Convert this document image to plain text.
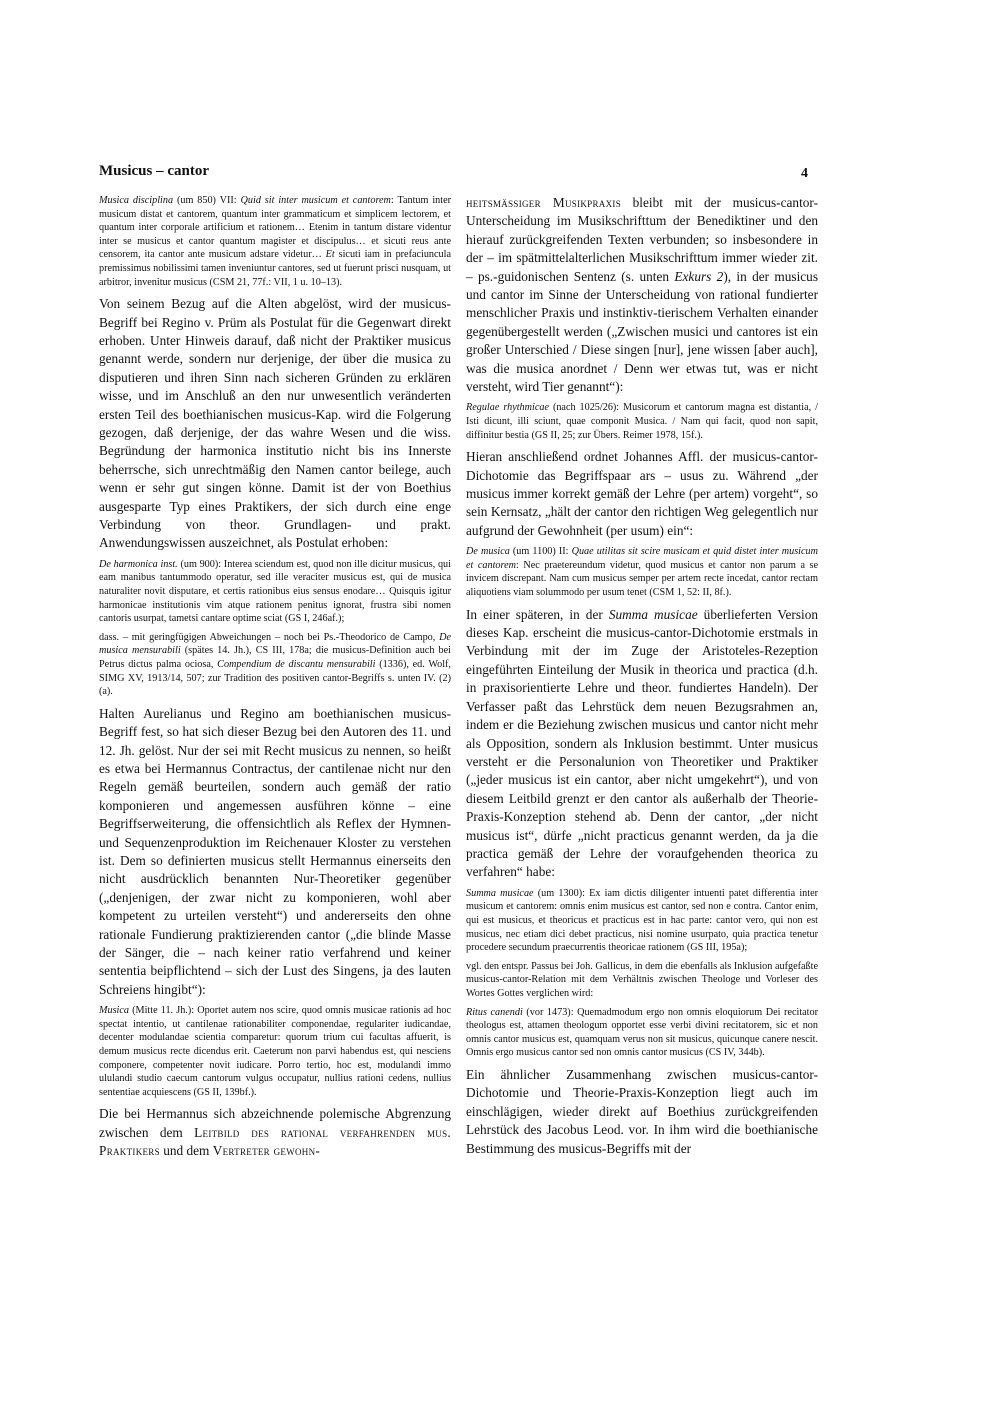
Musicus – cantor	4

Musica disciplina (um 850) VII: Quid sit inter musicum et cantorem: Tantum inter musicum distat et cantorem, quantum inter grammaticum et simplicem lectorem, et quantum inter corporale artificium et rationem… Etenim in tantum distare videntur inter se musicus et cantor quantum magister et discipulus… et sicuti reus ante censorem, ita cantor ante musicum adstare videtur… Et sicuti iam in prefaciuncula premissimus nobilissimi tamen inveniuntur cantores, sed ut fuerunt prisci nusquam, ut arbitror, invenitur musicus (CSM 21, 77f.: VII, 1 u. 10–13).

Von seinem Bezug auf die Alten abgelöst, wird der musicus-Begriff bei Regino v. Prüm als Postulat für die Gegenwart direkt erhoben. Unter Hinweis darauf, daß nicht der Praktiker musicus genannt werde, sondern nur derjenige, der über die musica zu disputieren und ihren Sinn nach sicheren Gründen zu erklären wisse, und im Anschluß an den nur unwesentlich veränderten ersten Teil des boethianischen musicus-Kap. wird die Folgerung gezogen, daß derjenige, der das wahre Wesen und die wiss. Begründung der harmonica institutio nicht bis ins Innerste beherrsche, sich unrechtmäßig den Namen cantor beilege, auch wenn er sehr gut singen könne. Damit ist der von Boethius ausgesparte Typ eines Praktikers, der sich durch eine enge Verbindung von theor. Grundlagen- und prakt. Anwendungswissen auszeichnet, als Postulat erhoben:

De harmonica inst. (um 900): Interea sciendum est, quod non ille dicitur musicus, qui eam manibus tantummodo operatur, sed ille veraciter musicus est, qui de musica naturaliter novit disputare, et certis rationibus eius sensus enodare… Quisquis igitur harmonicae institutionis vim atque rationem penitus ignorat, frustra sibi nomen cantoris usurpat, tametsi cantare optime sciat (GS I, 246af.);

dass. – mit geringfügigen Abweichungen – noch bei Ps.-Theodorico de Campo, De musica mensurabili (spätes 14. Jh.), CS III, 178a; die musicus-Definition auch bei Petrus dictus palma ociosa, Compendium de discantu mensurabili (1336), ed. Wolf, SIMG XV, 1913/14, 507; zur Tradition des positiven cantor-Begriffs s. unten IV. (2) (a).

Halten Aurelianus und Regino am boethianischen musicus-Begriff fest, so hat sich dieser Bezug bei den Autoren des 11. und 12. Jh. gelöst. Nur der sei mit Recht musicus zu nennen, so heißt es etwa bei Hermannus Contractus, der cantilenae nicht nur den Regeln gemäß beurteilen, sondern auch gemäß der ratio komponieren und angemessen ausführen könne – eine Begriffserweiterung, die offensichtlich als Reflex der Hymnen- und Sequenzenproduktion im Reichenauer Kloster zu verstehen ist. Dem so definierten musicus stellt Hermannus einerseits den nicht ausdrücklich benannten Nur-Theoretiker gegenüber („denjenigen, der zwar nicht zu komponieren, wohl aber kompetent zu urteilen versteht“) und andererseits den ohne rationale Fundierung praktizierenden cantor („die blinde Masse der Sänger, die – nach keiner ratio verfahrend und keiner sententia beipflichtend – sich der Lust des Singens, ja des lauten Schreiens hingibt“):

Musica (Mitte 11. Jh.): Oportet autem nos scire, quod omnis musicae rationis ad hoc spectat intentio, ut cantilenae rationabiliter componendae, regulariter iudicandae, decenter modulandae scientia comparetur: quorum trium cui facultas affuerit, is demum musicus recte dicendus erit. Caeterum non parvi habendus est, qui nesciens componere, competenter novit iudicare. Porro tertio, hoc est, modulandi immo ululandi studio caecum cantorum vulgus occupatur, nullius rationi cedens, nullius sententiae acquiescens (GS II, 139bf.).

Die bei Hermannus sich abzeichnende polemische Abgrenzung zwischen dem Leitbild des rational verfahrenden mus. Praktikers und dem Vertreter gewohn-

heitsmässiger Musikpraxis bleibt mit der musicus-cantor-Unterscheidung im Musikschrifttum der Benediktiner und den hierauf zurückgreifenden Texten verbunden; so insbesondere in der – im spätmittelalterlichen Musikschrifttum immer wieder zit. – ps.-guidonischen Sentenz (s. unten Exkurs 2), in der musicus und cantor im Sinne der Unterscheidung von rational fundierter menschlicher Praxis und instinktiv-tierischem Verhalten einander gegenübergestellt werden („Zwischen musici und cantores ist ein großer Unterschied / Diese singen [nur], jene wissen [aber auch], was die musica anordnet / Denn wer etwas tut, was er nicht versteht, wird Tier genannt“):

Regulae rhythmicae (nach 1025/26): Musicorum et cantorum magna est distantia, / Isti dicunt, illi sciunt, quae componit Musica. / Nam qui facit, quod non sapit, diffinitur bestia (GS II, 25; zur Übers. Reimer 1978, 15f.).

Hieran anschließend ordnet Johannes Affl. der musicus-cantor-Dichotomie das Begriffspaar ars – usus zu. Während „der musicus immer korrekt gemäß der Lehre (per artem) vorgeht“, so sein Kernsatz, „hält der cantor den richtigen Weg gelegentlich nur aufgrund der Gewohnheit (per usum) ein“:

De musica (um 1100) II: Quae utilitas sit scire musicam et quid distet inter musicum et cantorem: Nec praetereundum videtur, quod musicus et cantor non parum a se invicem discrepant. Nam cum musicus semper per artem recte incedat, cantor rectam aliquotiens viam solummodo per usum tenet (CSM 1, 52: II, 8f.).

In einer späteren, in der Summa musicae überlieferten Version dieses Kap. erscheint die musicus-cantor-Dichotomie erstmals in Verbindung mit der im Zuge der Aristoteles-Rezeption eingeführten Einteilung der Musik in theorica und practica (d.h. in praxisorientierte Lehre und theor. fundiertes Handeln). Der Verfasser paßt das Lehrstück dem neuen Bezugsrahmen an, indem er die Beziehung zwischen musicus und cantor nicht mehr als Opposition, sondern als Inklusion bestimmt. Unter musicus versteht er die Personalunion von Theoretiker und Praktiker („jeder musicus ist ein cantor, aber nicht umgekehrt“), und von diesem Leitbild grenzt er den cantor als außerhalb der Theorie-Praxis-Konzeption stehend ab. Denn der cantor, „der nicht musicus ist“, dürfe „nicht practicus genannt werden, da ja die practica gemäß der Lehre der voraufgehenden theorica zu verfahren“ habe:

Summa musicae (um 1300): Ex iam dictis diligenter intuenti patet differentia inter musicum et cantorem: omnis enim musicus est cantor, sed non e contra. Cantor enim, qui est musicus, et theoricus et practicus est in hac parte: cantor vero, qui non est musicus, nec etiam dici debet practicus, nisi nomine usurpato, quia practica tenetur procedere secundum praecurrentis theoricae rationem (GS III, 195a);

vgl. den entspr. Passus bei Joh. Gallicus, in dem die ebenfalls als Inklusion aufgefaßte musicus-cantor-Relation mit dem Verhältnis zwischen Theologe und Vorleser des Wortes Gottes verglichen wird:

Ritus canendi (vor 1473): Quemadmodum ergo non omnis eloquiorum Dei recitator theologus est, attamen theologum opportet esse verbi divini recitatorem, sic et non omnis cantor musicus est, quamquam verus non sit musicus, quicunque canere nescit. Omnis ergo musicus cantor sed non omnis cantor musicus (CS IV, 344b).

Ein ähnlicher Zusammenhang zwischen musicus-cantor-Dichotomie und Theorie-Praxis-Konzeption liegt auch im einschlägigen, wieder direkt auf Boethius zurückgreifenden Lehrstück des Jacobus Leod. vor. In ihm wird die boethianische Bestimmung des musicus-Begriffs mit der
